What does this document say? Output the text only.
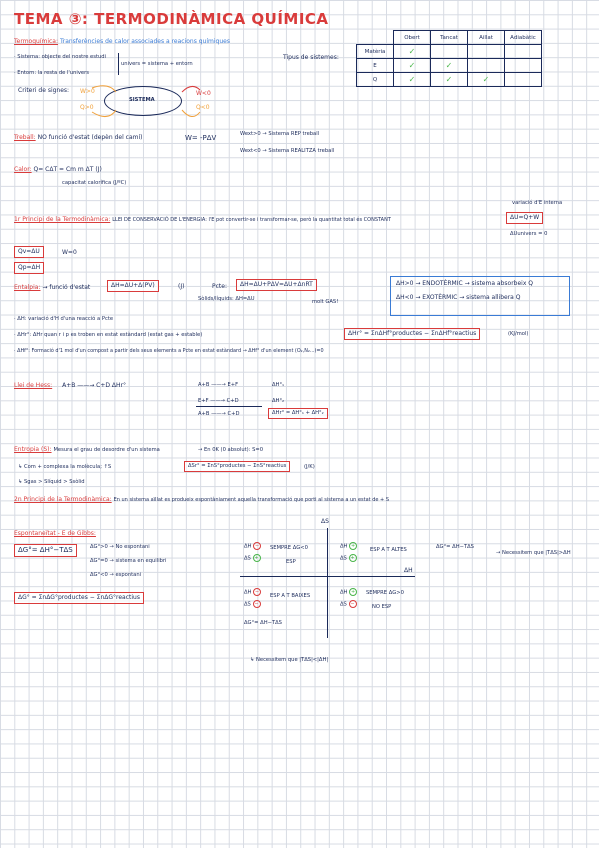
TEMA ③: TERMODINÀMICA QUÍMICA
Termoquímica: Transferències de calor associades a reacions químiques
· Sistema: objecte del nostre estudi
· Entorn: la resta de l'univers
univers = sistema + entorn
Criteri de signes:
SISTEMA
W>0
Q<0
W<0
Q>0
Tipus de sistemes:
	Obert	Tancat	Aillat	Adiabàtic
Matèria	✓			
E	✓	✓		
Q	✓	✓	✓	
Treball: NO funció d'estat (depèn del camí)	W= -PΔV	Wext>0 → Sistema REP treball
Wext<0 → Sistema REALITZA treball
Calor: Q= CΔT = Cm m ΔT (J)
capacitat calorífica (J/ºC)
variació d'E interna
1r Principi de la Termodinàmica: LLEI DE CONSERVACIÓ DE L'ENERGIA: l'E pot convertir-se i transformar-se, però la quantitat total és CONSTANT	ΔU=Q+W
ΔUunivers = 0
Qv=ΔU	W=0
Qp=ΔH
Entalpia: → funció d'estat	ΔH=ΔU+Δ(PV)	(J)	Pcte:	ΔH=ΔU+PΔV=ΔU+ΔnRT
molt GAS!
Sòlids/líquids: ΔH=ΔU
ΔH>0 → ENDOTÈRMIC → sistema absorbeix Q
ΔH<0 → EXOTÈRMIC → sistema allibera Q
· ΔH: variació d'H d'una reacció a Pcte
· ΔHr°: ΔHr quan r i p es troben en estat estàndard (estat gas + estable)	ΔHr° = ΣnΔHf°productes − ΣnΔHf°reactius	(KJ/mol)
· ΔHf°: Formació d'1 mol d'un compost a partir dels seus elements a Pcte en estat estàndard → ΔHf° d'un element (O₂,N₂...)=0
Llei de Hess: A+B ——→ C+D ΔHr°	A+B ——→ E+F	ΔH°₁
E+F ——→ C+D	ΔH°₂
A+B ——→ C+D	ΔHr° = ΔH°₁ + ΔH°₂
Entropia (S): Mesura el grau de desordre d'un sistema	→ En 0K (0 absolut): S=0
↳ Com + complexa la molècula; ↑S
↳ Sgas > Slíquid > Ssòlid
ΔSr° = ΣnS°productes − ΣnS°reactius	(J/K)
2n Principi de la Termodinàmica: En un sistema aïllat es produeix espontàniament aquella transformació que porti al sistema a un estat de + S
Espontaneïtat - E de Gibbs:
ΔG°= ΔH°−TΔS	ΔG°>0 → No espontani
ΔG°=0 → sistema en equilibri
ΔG°<0 → espontani
ΔG° = ΣnΔG°productes − ΣnΔG°reactius
ΔS
ΔH
ΔH −
ΔS +
SEMPRE ΔG<0
ESP
ΔH +
ΔS +
ESP A T ALTES	ΔG°= ΔH−TΔS
→ Necessitem que |TΔS|>ΔH
ΔH −
ΔS −
ESP A T BAIXES
ΔH +
ΔS −
SEMPRE ΔG>0
NO ESP
ΔG°= ΔH−TΔS
↳ Necessitem que |TΔS|<|ΔH|
